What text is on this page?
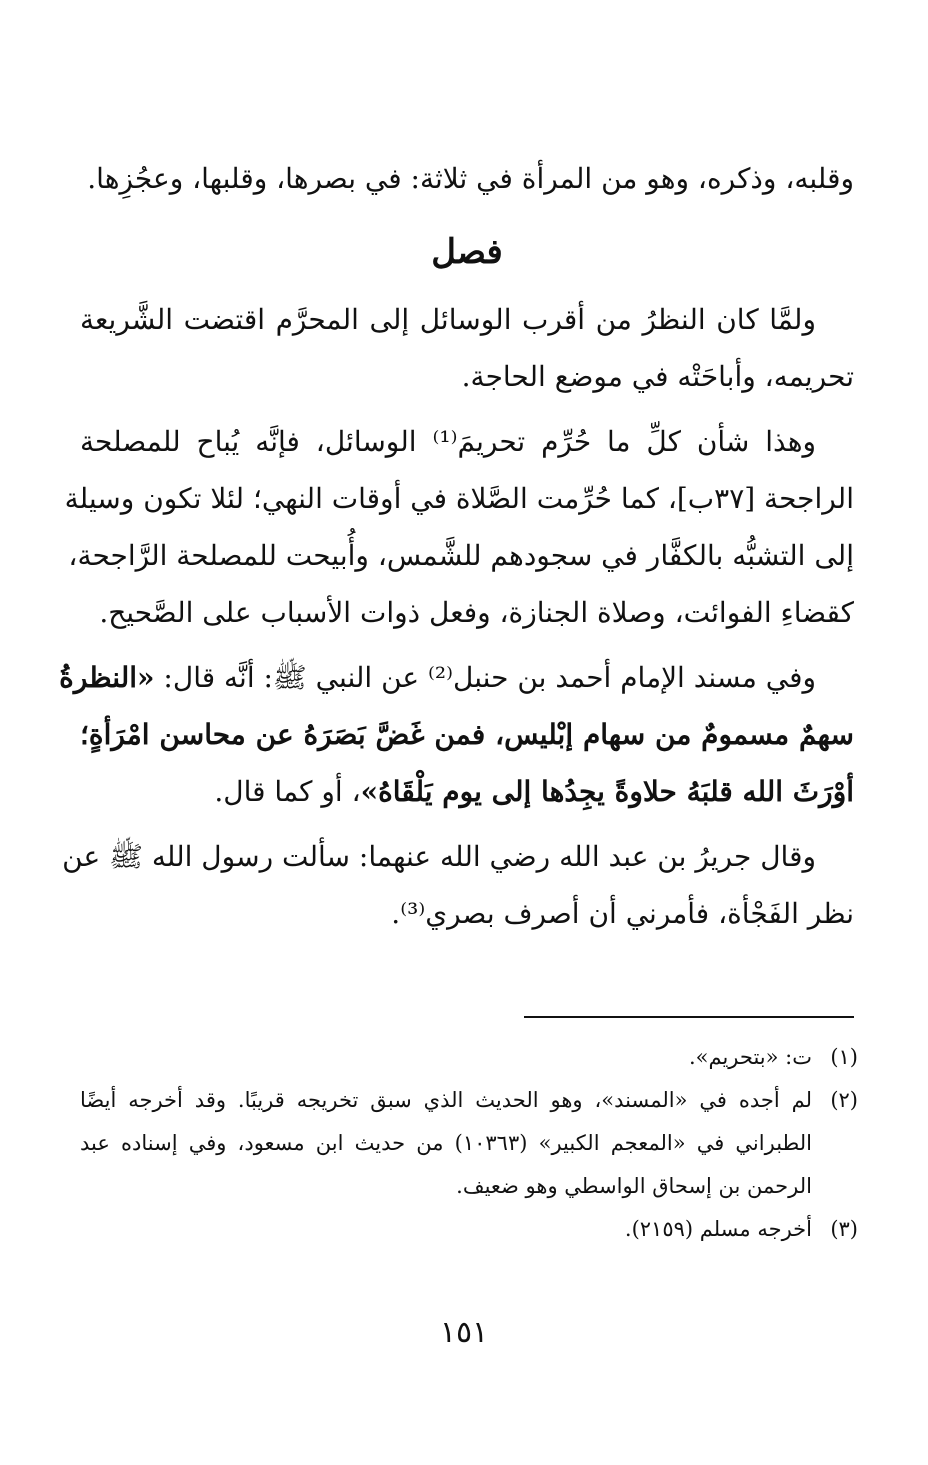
وقلبه، وذكره، وهو من المرأة في ثلاثة: في بصرها، وقلبها، وعجُزِها.
فصل
ولمَّا كان النظرُ من أقرب الوسائل إلى المحرَّم اقتضت الشَّريعة
تحريمه، وأباحَتْه في موضع الحاجة.
وهذا شأن كلِّ ما حُرِّم تحريمَ⁽¹⁾ الوسائل، فإنَّه يُباح للمصلحة
الراجحة [٣٧ب]، كما حُرِّمت الصَّلاة في أوقات النهي؛ لئلا تكون وسيلة
إلى التشبُّه بالكفَّار في سجودهم للشَّمس، وأُبيحت للمصلحة الرَّاجحة،
كقضاءِ الفوائت، وصلاة الجنازة، وفعل ذوات الأسباب على الصَّحيح.
وفي مسند الإمام أحمد بن حنبل⁽²⁾ عن النبي ﷺ: أنَّه قال: «النظرةُ
سهمٌ مسمومٌ من سهام إبْليس، فمن غَضَّ بَصَرَهُ عن محاسن امْرَأةٍ؛
أوْرَثَ الله قلبَهُ حلاوةً يجِدُها إلى يوم يَلْقَاهُ»، أو كما قال.
وقال جريرُ بن عبد الله رضي الله عنهما: سألت رسول الله ﷺ عن
نظر الفَجْأة، فأمرني أن أصرف بصري⁽³⁾.
(١)
ت: «بتحريم».
(٢)
لم أجده في «المسند»، وهو الحديث الذي سبق تخريجه قريبًا. وقد أخرجه أيضًا
الطبراني في «المعجم الكبير» (١٠٣٦٣) من حديث ابن مسعود، وفي إسناده عبد
الرحمن بن إسحاق الواسطي وهو ضعيف.
(٣)
أخرجه مسلم (٢١٥٩).
١٥١
